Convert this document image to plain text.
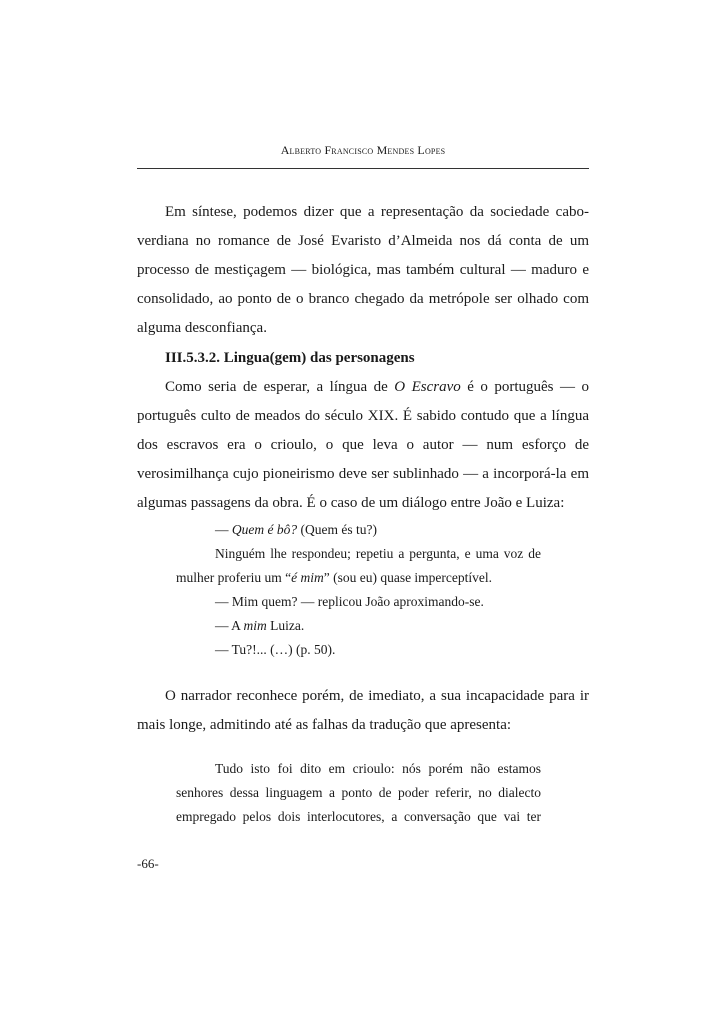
Alberto Francisco Mendes Lopes

Em síntese, podemos dizer que a representação da sociedade cabo-verdiana no romance de José Evaristo d’Almeida nos dá conta de um processo de mestiçagem — biológica, mas também cultural — maduro e consolidado, ao ponto de o branco chegado da metrópole ser olhado com alguma desconfiança.

III.5.3.2. Lingua(gem) das personagens

Como seria de esperar, a língua de O Escravo é o português — o português culto de meados do século XIX. É sabido contudo que a língua dos escravos era o crioulo, o que leva o autor — num esforço de verosimilhança cujo pioneirismo deve ser sublinhado — a incorporá-la em algumas passagens da obra. É o caso de um diálogo entre João e Luiza:

— Quem é bô? (Quem és tu?)

Ninguém lhe respondeu; repetiu a pergunta, e uma voz de

mulher proferiu um “é mim” (sou eu) quase imperceptível.

— Mim quem? — replicou João aproximando-se.

— A mim Luiza.

— Tu?!... (…) (p. 50).

O narrador reconhece porém, de imediato, a sua incapacidade para ir mais longe, admitindo até as falhas da tradução que apresenta:

Tudo isto foi dito em crioulo: nós porém não estamos

senhores dessa linguagem a ponto de poder referir, no dialecto

empregado pelos dois interlocutores, a conversação que vai ter

-66-
